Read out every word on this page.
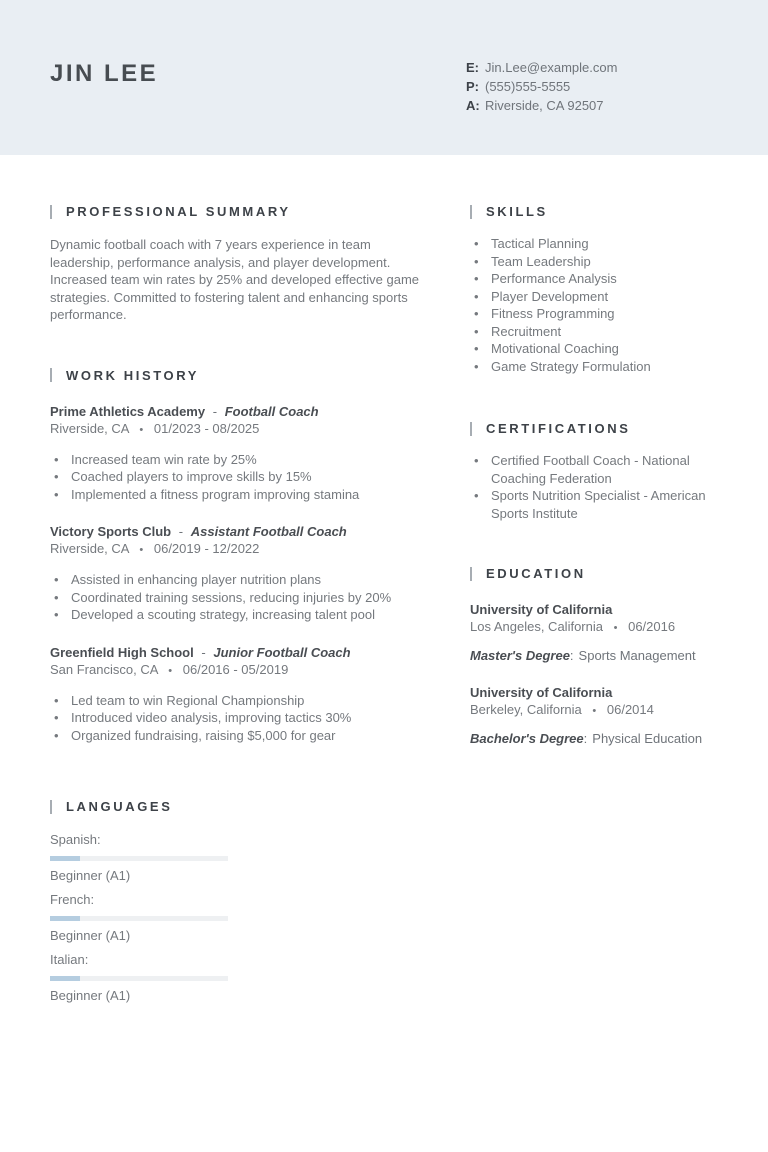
JIN LEE	E: Jin.Lee@example.com
P: (555)555-5555
A: Riverside, CA 92507
PROFESSIONAL SUMMARY

Dynamic football coach with 7 years experience in team leadership, performance analysis, and player development. Increased team win rates by 25% and developed effective game strategies. Committed to fostering talent and enhancing sports performance.

WORK HISTORY
Prime Athletics Academy - Football Coach
Riverside, CA • 01/2023 - 08/2025
• Increased team win rate by 25%
• Coached players to improve skills by 15%
• Implemented a fitness program improving stamina
Victory Sports Club - Assistant Football Coach
Riverside, CA • 06/2019 - 12/2022
• Assisted in enhancing player nutrition plans
• Coordinated training sessions, reducing injuries by 20%
• Developed a scouting strategy, increasing talent pool
Greenfield High School - Junior Football Coach
San Francisco, CA • 06/2016 - 05/2019
• Led team to win Regional Championship
• Introduced video analysis, improving tactics 30%
• Organized fundraising, raising $5,000 for gear
LANGUAGES
Spanish:
Beginner (A1)
French:
Beginner (A1)
Italian:
Beginner (A1)
SKILLS
• Tactical Planning
• Team Leadership
• Performance Analysis
• Player Development
• Fitness Programming
• Recruitment
• Motivational Coaching
• Game Strategy Formulation
CERTIFICATIONS
• Certified Football Coach - National Coaching Federation
• Sports Nutrition Specialist - American Sports Institute
EDUCATION
University of California
Los Angeles, California • 06/2016
Master's Degree: Sports Management
University of California
Berkeley, California • 06/2014
Bachelor's Degree: Physical Education
